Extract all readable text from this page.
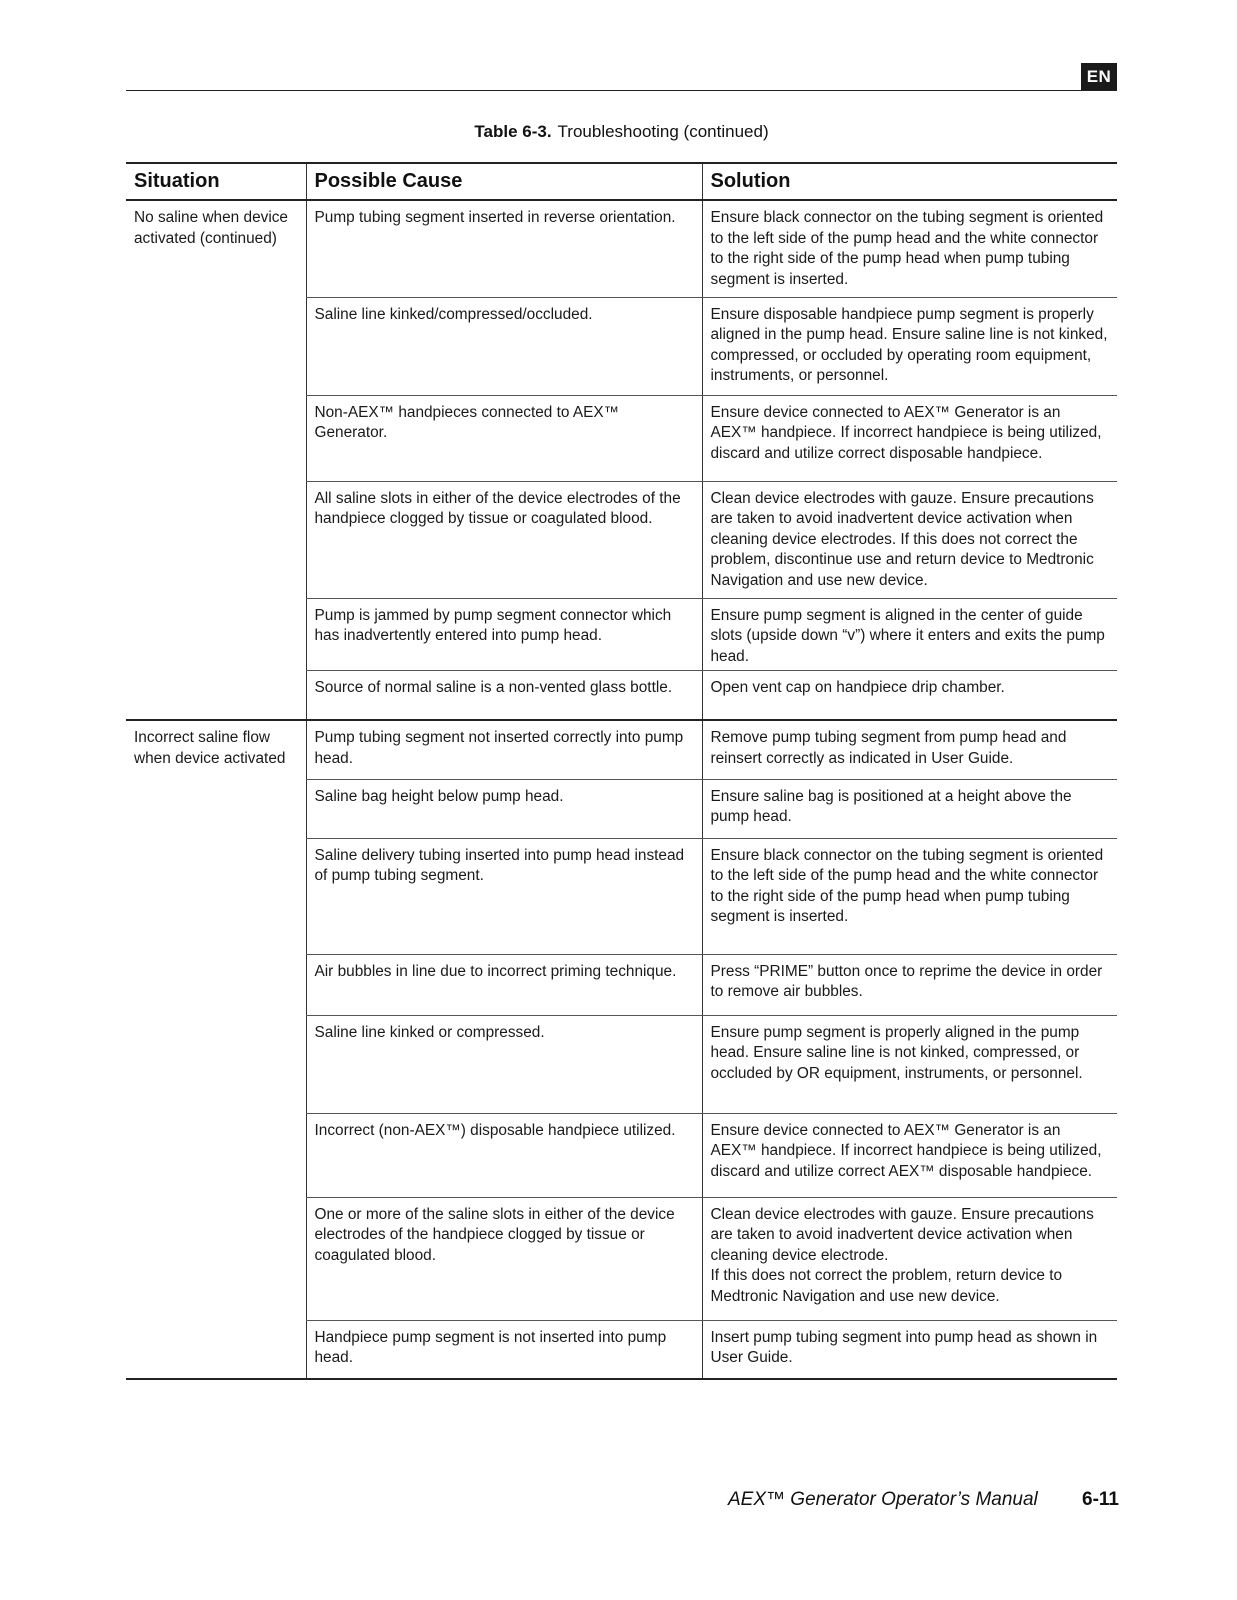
EN
Table 6-3. Troubleshooting (continued)
Situation	Possible Cause	Solution
No saline when device activated (continued)	Pump tubing segment inserted in reverse orientation.	Ensure black connector on the tubing segment is oriented to the left side of the pump head and the white connector to the right side of the pump head when pump tubing segment is inserted.
	Saline line kinked/compressed/occluded.	Ensure disposable handpiece pump segment is properly aligned in the pump head. Ensure saline line is not kinked, compressed, or occluded by operating room equipment, instruments, or personnel.
	Non-AEX™ handpieces connected to AEX™ Generator.	Ensure device connected to AEX™ Generator is an AEX™ handpiece. If incorrect handpiece is being utilized, discard and utilize correct disposable handpiece.
	All saline slots in either of the device electrodes of the handpiece clogged by tissue or coagulated blood.	Clean device electrodes with gauze. Ensure precautions are taken to avoid inadvertent device activation when cleaning device electrodes. If this does not correct the problem, discontinue use and return device to Medtronic Navigation and use new device.
	Pump is jammed by pump segment connector which has inadvertently entered into pump head.	Ensure pump segment is aligned in the center of guide slots (upside down “v”) where it enters and exits the pump head.
	Source of normal saline is a non-vented glass bottle.	Open vent cap on handpiece drip chamber.
Incorrect saline flow when device activated	Pump tubing segment not inserted correctly into pump head.	Remove pump tubing segment from pump head and reinsert correctly as indicated in User Guide.
	Saline bag height below pump head.	Ensure saline bag is positioned at a height above the pump head.
	Saline delivery tubing inserted into pump head instead of pump tubing segment.	Ensure black connector on the tubing segment is oriented to the left side of the pump head and the white connector to the right side of the pump head when pump tubing segment is inserted.
	Air bubbles in line due to incorrect priming technique.	Press “PRIME” button once to reprime the device in order to remove air bubbles.
	Saline line kinked or compressed.	Ensure pump segment is properly aligned in the pump head. Ensure saline line is not kinked, compressed, or occluded by OR equipment, instruments, or personnel.
	Incorrect (non-AEX™) disposable handpiece utilized.	Ensure device connected to AEX™ Generator is an AEX™ handpiece. If incorrect handpiece is being utilized, discard and utilize correct AEX™ disposable handpiece.
	One or more of the saline slots in either of the device electrodes of the handpiece clogged by tissue or coagulated blood.	Clean device electrodes with gauze. Ensure precautions are taken to avoid inadvertent device activation when cleaning device electrode.
If this does not correct the problem, return device to Medtronic Navigation and use new device.
	Handpiece pump segment is not inserted into pump head.	Insert pump tubing segment into pump head as shown in User Guide.
AEX™ Generator Operator’s Manual 6-11
